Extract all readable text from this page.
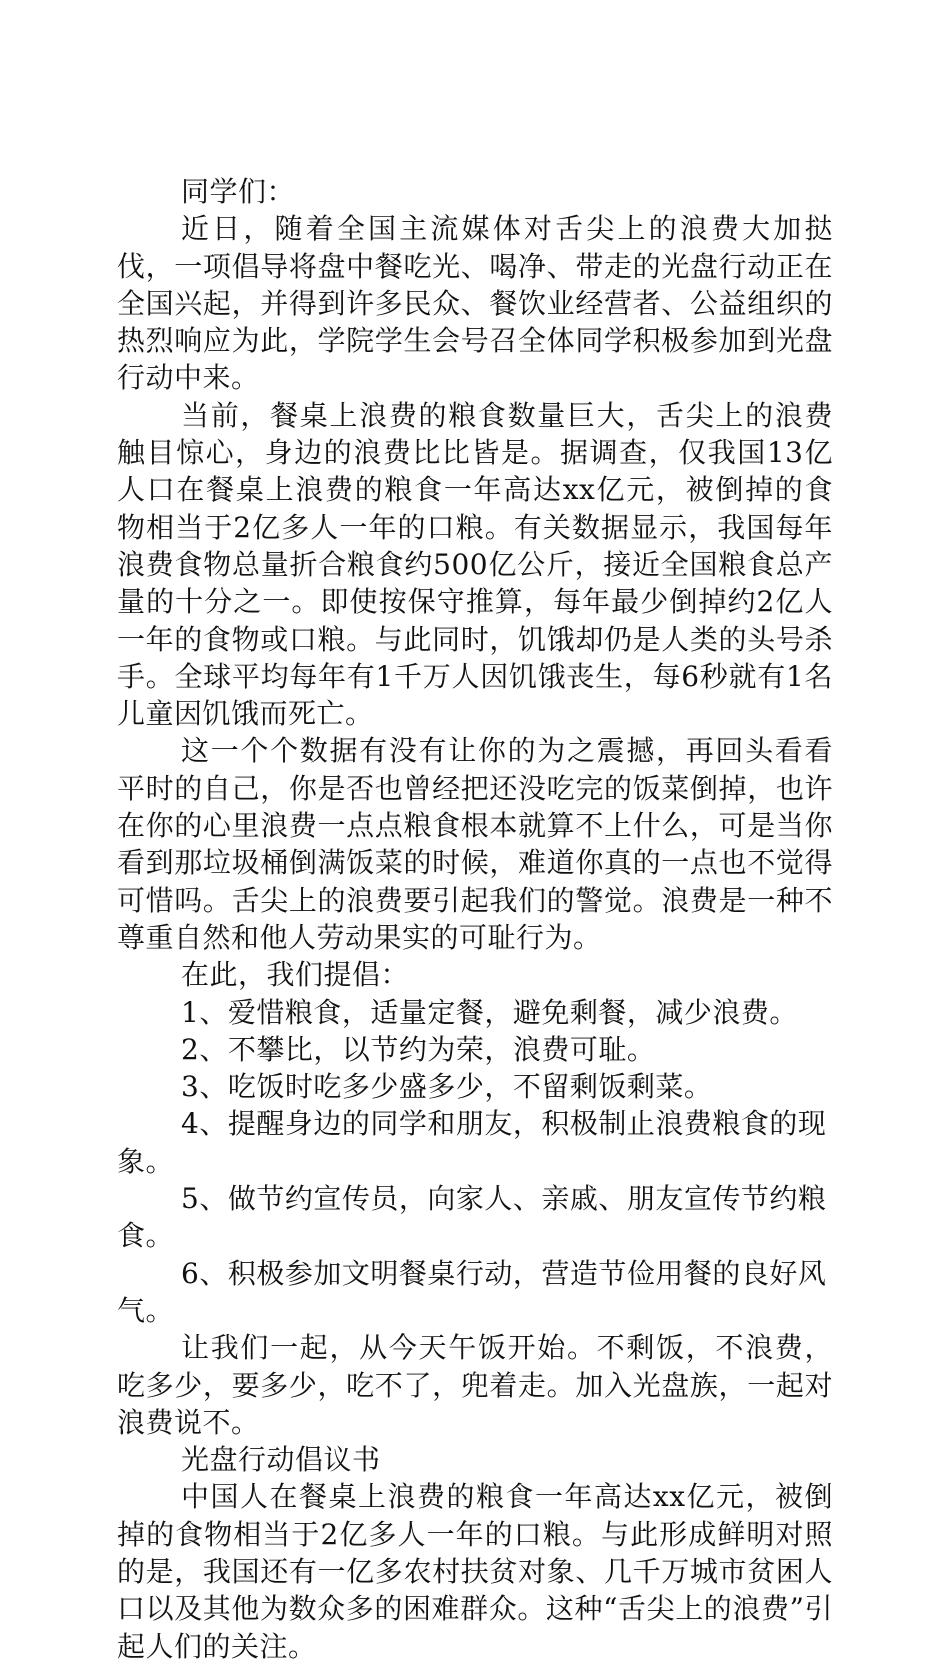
同学们：

近日，随着全国主流媒体对舌尖上的浪费大加挞伐，一项倡导将盘中餐吃光、喝净、带走的光盘行动正在全国兴起，并得到许多民众、餐饮业经营者、公益组织的热烈响应为此，学院学生会号召全体同学积极参加到光盘行动中来。

当前，餐桌上浪费的粮食数量巨大，舌尖上的浪费触目惊心，身边的浪费比比皆是。据调查，仅我国13亿人口在餐桌上浪费的粮食一年高达xx亿元，被倒掉的食物相当于2亿多人一年的口粮。有关数据显示，我国每年浪费食物总量折合粮食约500亿公斤，接近全国粮食总产量的十分之一。即使按保守推算，每年最少倒掉约2亿人一年的食物或口粮。与此同时，饥饿却仍是人类的头号杀手。全球平均每年有1千万人因饥饿丧生，每6秒就有1名儿童因饥饿而死亡。

这一个个数据有没有让你的为之震撼，再回头看看平时的自己，你是否也曾经把还没吃完的饭菜倒掉，也许在你的心里浪费一点点粮食根本就算不上什么，可是当你看到那垃圾桶倒满饭菜的时候，难道你真的一点也不觉得可惜吗。舌尖上的浪费要引起我们的警觉。浪费是一种不尊重自然和他人劳动果实的可耻行为。

在此，我们提倡：

1、爱惜粮食，适量定餐，避免剩餐，减少浪费。

2、不攀比，以节约为荣，浪费可耻。

3、吃饭时吃多少盛多少，不留剩饭剩菜。

4、提醒身边的同学和朋友，积极制止浪费粮食的现象。

5、做节约宣传员，向家人、亲戚、朋友宣传节约粮食。

6、积极参加文明餐桌行动，营造节俭用餐的良好风气。

让我们一起，从今天午饭开始。不剩饭，不浪费，吃多少，要多少，吃不了，兜着走。加入光盘族，一起对浪费说不。

光盘行动倡议书

中国人在餐桌上浪费的粮食一年高达xx亿元，被倒掉的食物相当于2亿多人一年的口粮。与此形成鲜明对照的是，我国还有一亿多农村扶贫对象、几千万城市贫困人口以及其他为数众多的困难群众。这种“舌尖上的浪费”引起人们的关注。
